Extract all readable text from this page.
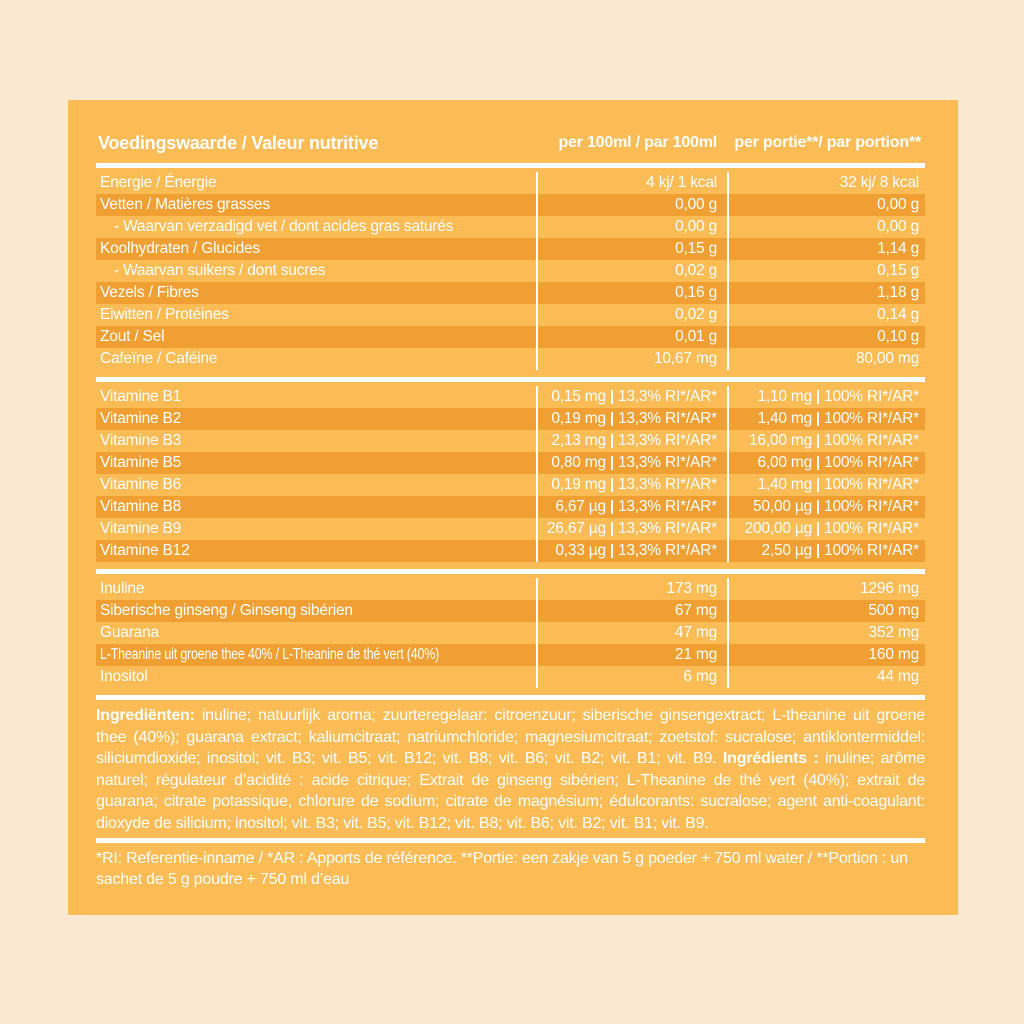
Voedingswaarde / Valeur nutritive	per 100ml / par 100ml	per portie**/ par portion**
Energie / Énergie	4 kj/ 1 kcal	32 kj/ 8 kcal
Vetten / Matières grasses	0,00 g	0,00 g
- Waarvan verzadigd vet / dont acides gras saturés	0,00 g	0,00 g
Koolhydraten / Glucides	0,15 g	1,14 g
- Waarvan suikers / dont sucres	0,02 g	0,15 g
Vezels / Fibres	0,16 g	1,18 g
Eiwitten / Protéines	0,02 g	0,14 g
Zout / Sel	0,01 g	0,10 g
Cafeïne / Caféine	10,67 mg	80,00 mg
Vitamine B1	0,15 mg 13,3% RI*/AR*	1,10 mg 100% RI*/AR*
Vitamine B2	0,19 mg 13,3% RI*/AR*	1,40 mg 100% RI*/AR*
Vitamine B3	2,13 mg 13,3% RI*/AR*	16,00 mg 100% RI*/AR*
Vitamine B5	0,80 mg 13,3% RI*/AR*	6,00 mg 100% RI*/AR*
Vitamine B6	0,19 mg 13,3% RI*/AR*	1,40 mg 100% RI*/AR*
Vitamine B8	6,67 µg 13,3% RI*/AR*	50,00 µg 100% RI*/AR*
Vitamine B9	26,67 µg 13,3% RI*/AR*	200,00 µg 100% RI*/AR*
Vitamine B12	0,33 µg 13,3% RI*/AR*	2,50 µg 100% RI*/AR*
Inuline	173 mg	1296 mg
Siberische ginseng / Ginseng sibérien	67 mg	500 mg
Guarana	47 mg	352 mg
L-Theanine uit groene thee 40% / L-Theanine de thé vert (40%)	21 mg	160 mg
Inositol	6 mg	44 mg
Ingrediënten: inuline; natuurlijk aroma; zuurteregelaar: citroenzuur; siberische ginsengextract; L-theanine uit groene thee (40%); guarana extract; kaliumcitraat; natriumchloride; magnesiumcitraat; zoetstof: sucralose; antiklontermiddel: siliciumdioxide; inositol; vit. B3; vit. B5; vit. B12; vit. B8; vit. B6; vit. B2; vit. B1; vit. B9. Ingrédients : inuline; arôme naturel; régulateur d’acidité : acide citrique; Extrait de ginseng sibérien; L-Theanine de thé vert (40%); extrait de guarana; citrate potassique, chlorure de sodium; citrate de magnésium; édulcorants: sucralose; agent anti-coagulant: dioxyde de silicium; inositol; vit. B3; vit. B5; vit. B12; vit. B8; vit. B6; vit. B2; vit. B1; vit. B9.
*RI: Referentie-inname / *AR : Apports de référence. **Portie: een zakje van 5 g poeder + 750 ml water / **Portion : un sachet de 5 g poudre + 750 ml d’eau
